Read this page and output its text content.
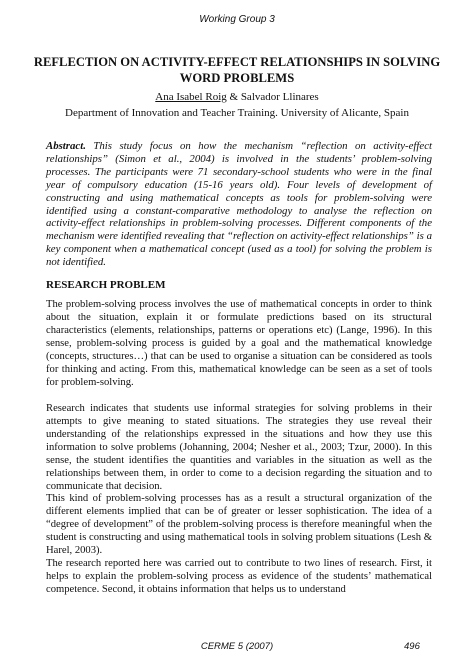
Working Group 3
REFLECTION ON ACTIVITY-EFFECT RELATIONSHIPS IN SOLVING WORD PROBLEMS
Ana Isabel Roig & Salvador Llinares
Department of Innovation and Teacher Training. University of Alicante, Spain
Abstract. This study focus on how the mechanism “reflection on activity-effect relationships” (Simon et al., 2004) is involved in the students’ problem-solving processes. The participants were 71 secondary-school students who were in the final year of compulsory education (15-16 years old). Four levels of development of constructing and using mathematical concepts as tools for problem-solving were identified using a constant-comparative methodology to analyse the reflection on activity-effect relationships in problem-solving processes. Different components of the mechanism were identified revealing that “reflection on activity-effect relationships” is a key component when a mathematical concept (used as a tool) for solving the problem is not identified.
RESEARCH PROBLEM
The problem-solving process involves the use of mathematical concepts in order to think about the situation, explain it or formulate predictions based on its structural characteristics (elements, relationships, patterns or operations etc) (Lange, 1996). In this sense, problem-solving process is guided by a goal and the mathematical knowledge (concepts, structures…) that can be used to organise a situation can be considered as tools for thinking and acting. From this, mathematical knowledge can be seen as a set of tools for problem-solving.
Research indicates that students use informal strategies for solving problems in their attempts to give meaning to stated situations. The strategies they use reveal their understanding of the relationships expressed in the situations and how they use this information to solve problems (Johanning, 2004; Nesher et al., 2003; Tzur, 2000). In this sense, the student identifies the quantities and variables in the situation as well as the relationships between them, in order to come to a decision regarding the situation and to communicate that decision.
This kind of problem-solving processes has as a result a structural organization of the different elements implied that can be of greater or lesser sophistication. The idea of a “degree of development” of the problem-solving process is therefore meaningful when the student is constructing and using mathematical tools in solving problem situations (Lesh & Harel, 2003).
The research reported here was carried out to contribute to two lines of research. First, it helps to explain the problem-solving process as evidence of the students’ mathematical competence. Second, it obtains information that helps us to understand
CERME 5 (2007)	496
